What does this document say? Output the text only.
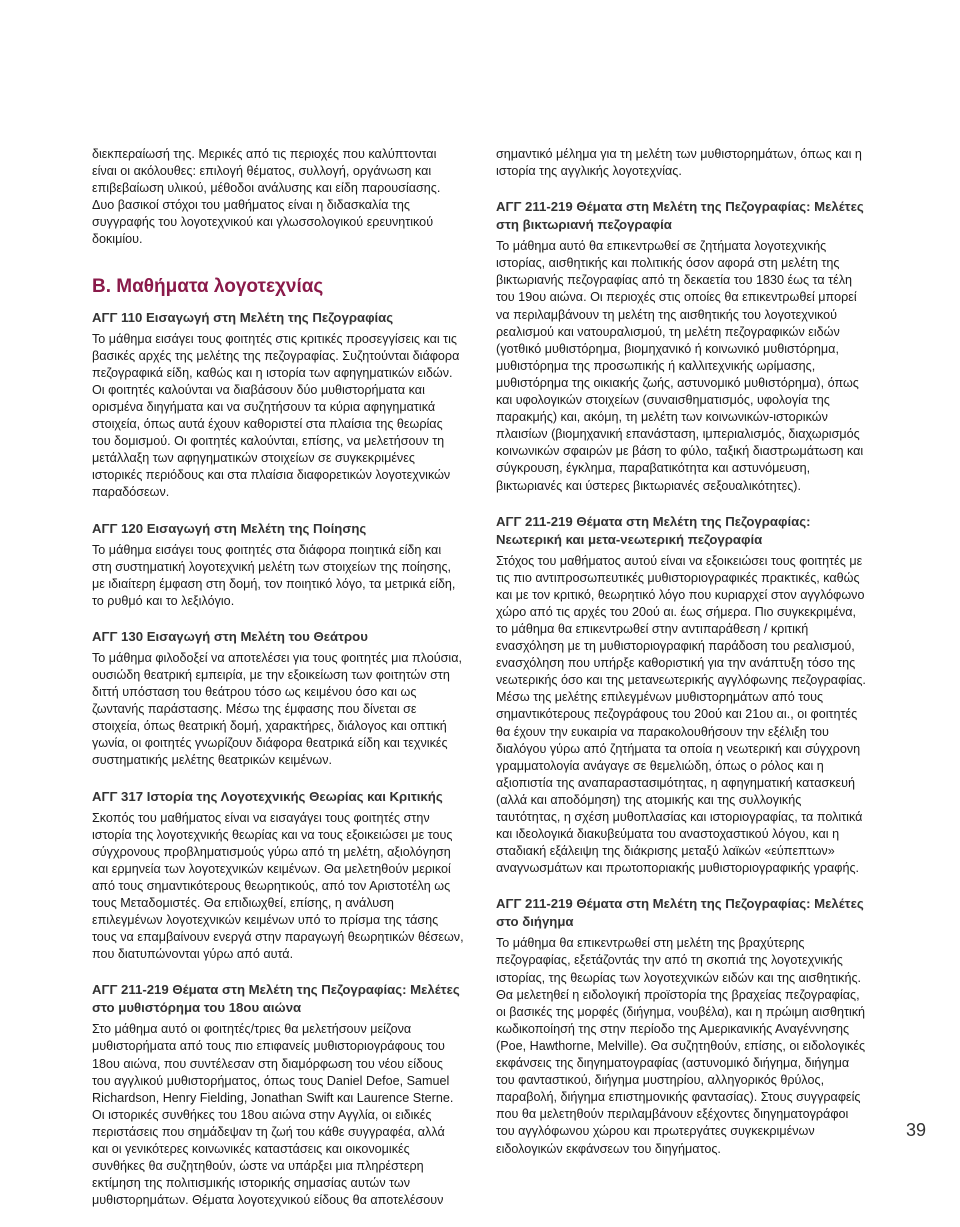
διεκπεραίωσή της. Μερικές από τις περιοχές που καλύπτονται είναι οι ακόλουθες: επιλογή θέματος, συλλογή, οργάνωση και επιβεβαίωση υλικού, μέθοδοι ανάλυσης και είδη παρουσίασης. Δυο βασικοί στόχοι του μαθήματος είναι η διδασκαλία της συγγραφής του λογοτεχνικού και γλωσσολογικού ερευνητικού δοκιμίου.

Β. Μαθήματα λογοτεχνίας
ΑΓΓ 110 Εισαγωγή στη Μελέτη της Πεζογραφίας

Το μάθημα εισάγει τους φοιτητές στις κριτικές προσεγγίσεις και τις βασικές αρχές της μελέτης της πεζογραφίας. Συζητούνται διάφορα πεζογραφικά είδη, καθώς και η ιστορία των αφηγηματικών ειδών. Οι φοιτητές καλούνται να διαβάσουν δύο μυθιστορήματα και ορισμένα διηγήματα και να συζητήσουν τα κύρια αφηγηματικά στοιχεία, όπως αυτά έχουν καθοριστεί στα πλαίσια της θεωρίας του δομισμού. Οι φοιτητές καλούνται, επίσης, να μελετήσουν τη μετάλλαξη των αφηγηματικών στοιχείων σε συγκεκριμένες ιστορικές περιόδους και στα πλαίσια διαφορετικών λογοτεχνικών παραδόσεων.

ΑΓΓ 120 Εισαγωγή στη Μελέτη της Ποίησης

Το μάθημα εισάγει τους φοιτητές στα διάφορα ποιητικά είδη και στη συστηματική λογοτεχνική μελέτη των στοιχείων της ποίησης, με ιδιαίτερη έμφαση στη δομή, τον ποιητικό λόγο, τα μετρικά είδη, το ρυθμό και το λεξιλόγιο.

ΑΓΓ 130 Εισαγωγή στη Μελέτη του Θεάτρου

Το μάθημα φιλοδοξεί να αποτελέσει για τους φοιτητές μια πλούσια, ουσιώδη θεατρική εμπειρία, με την εξοικείωση των φοιτητών στη διττή υπόσταση του θεάτρου τόσο ως κειμένου όσο και ως ζωντανής παράστασης. Μέσω της έμφασης που δίνεται σε στοιχεία, όπως θεατρική δομή, χαρακτήρες, διάλογος και οπτική γωνία, οι φοιτητές γνωρίζουν διάφορα θεατρικά είδη και τεχνικές συστηματικής μελέτης θεατρικών κειμένων.

ΑΓΓ 317 Ιστορία της Λογοτεχνικής Θεωρίας και Κριτικής

Σκοπός του μαθήματος είναι να εισαγάγει τους φοιτητές στην ιστορία της λογοτεχνικής θεωρίας και να τους εξοικειώσει με τους σύγχρονους προβληματισμούς γύρω από τη μελέτη, αξιολόγηση και ερμηνεία των λογοτεχνικών κειμένων. Θα μελετηθούν μερικοί από τους σημαντικότερους θεωρητικούς, από τον Αριστοτέλη ως τους Μεταδομιστές. Θα επιδιωχθεί, επίσης, η ανάλυση επιλεγμένων λογοτεχνικών κειμένων υπό το πρίσμα της τάσης τους να επαμβαίνουν ενεργά στην παραγωγή θεωρητικών θέσεων, που διατυπώνονται γύρω από αυτά.

ΑΓΓ 211-219 Θέματα στη Μελέτη της Πεζογραφίας: Μελέτες στο μυθιστόρημα του 18ου αιώνα

Στο μάθημα αυτό οι φοιτητές/τριες θα μελετήσουν μείζονα μυθιστορήματα από τους πιο επιφανείς μυθιστοριογράφους του 18ου αιώνα, που συντέλεσαν στη διαμόρφωση του νέου είδους του αγγλικού μυθιστορήματος, όπως τους Daniel Defoe, Samuel Richardson, Henry Fielding, Jonathan Swift και Laurence Sterne. Οι ιστορικές συνθήκες του 18ου αιώνα στην Αγγλία, οι ειδικές περιστάσεις που σημάδεψαν τη ζωή του κάθε συγγραφέα, αλλά και οι γενικότερες κοινωνικές καταστάσεις και οικονομικές συνθήκες θα συζητηθούν, ώστε να υπάρξει μια πληρέστερη εκτίμηση της πολιτισμικής ιστορικής σημασίας αυτών των μυθιστορημάτων. Θέματα λογοτεχνικού είδους θα αποτελέσουν

σημαντικό μέλημα για τη μελέτη των μυθιστορημάτων, όπως και η ιστορία της αγγλικής λογοτεχνίας.

ΑΓΓ 211-219 Θέματα στη Μελέτη της Πεζογραφίας: Μελέτες στη βικτωριανή πεζογραφία

Το μάθημα αυτό θα επικεντρωθεί σε ζητήματα λογοτεχνικής ιστορίας, αισθητικής και πολιτικής όσον αφορά στη μελέτη της βικτωριανής πεζογραφίας από τη δεκαετία του 1830 έως τα τέλη του 19ου αιώνα. Οι περιοχές στις οποίες θα επικεντρωθεί μπορεί να περιλαμβάνουν τη μελέτη της αισθητικής του λογοτεχνικού ρεαλισμού και νατουραλισμού, τη μελέτη πεζογραφικών ειδών (γοτθικό μυθιστόρημα, βιομηχανικό ή κοινωνικό μυθιστόρημα, μυθιστόρημα της προσωπικής ή καλλιτεχνικής ωρίμασης, μυθιστόρημα της οικιακής ζωής, αστυνομικό μυθιστόρημα), όπως και υφολογικών στοιχείων (συναισθηματισμός, υφολογία της παρακμής) και, ακόμη, τη μελέτη των κοινωνικών-ιστορικών πλαισίων (βιομηχανική επανάσταση, ιμπεριαλισμός, διαχωρισμός κοινωνικών σφαιρών με βάση το φύλο, ταξική διαστρωμάτωση και σύγκρουση, έγκλημα, παραβατικότητα και αστυνόμευση, βικτωριανές και ύστερες βικτωριανές σεξουαλικότητες).

ΑΓΓ 211-219 Θέματα στη Μελέτη της Πεζογραφίας: Νεωτερική και μετα-νεωτερική πεζογραφία

Στόχος του μαθήματος αυτού είναι να εξοικειώσει τους φοιτητές με τις πιο αντιπροσωπευτικές μυθιστοριογραφικές πρακτικές, καθώς και με τον κριτικό, θεωρητικό λόγο που κυριαρχεί στον αγγλόφωνο χώρο από τις αρχές του 20ού αι. έως σήμερα. Πιο συγκεκριμένα, το μάθημα θα επικεντρωθεί στην αντιπαράθεση / κριτική ενασχόληση με τη μυθιστοριογραφική παράδοση του ρεαλισμού, ενασχόληση που υπήρξε καθοριστική για την ανάπτυξη τόσο της νεωτερικής όσο και της μετανεωτερικής αγγλόφωνης πεζογραφίας. Μέσω της μελέτης επιλεγμένων μυθιστορημάτων από τους σημαντικότερους πεζογράφους του 20ού και 21ου αι., οι φοιτητές θα έχουν την ευκαιρία να παρακολουθήσουν την εξέλιξη του διαλόγου γύρω από ζητήματα τα οποία η νεωτερική και σύγχρονη γραμματολογία ανάγαγε σε θεμελιώδη, όπως ο ρόλος και η αξιοπιστία της αναπαραστασιμότητας, η αφηγηματική κατασκευή (αλλά και αποδόμηση) της ατομικής και της συλλογικής ταυτότητας, η σχέση μυθοπλασίας και ιστοριογραφίας, τα πολιτικά και ιδεολογικά διακυβεύματα του αναστοχαστικού λόγου, και η σταδιακή εξάλειψη της διάκρισης μεταξύ λαϊκών «εύπεπτων» αναγνωσμάτων και πρωτοποριακής μυθιστοριογραφικής γραφής.

ΑΓΓ 211-219 Θέματα στη Μελέτη της Πεζογραφίας: Μελέτες στο διήγημα

Το μάθημα θα επικεντρωθεί στη μελέτη της βραχύτερης πεζογραφίας, εξετάζοντάς την από τη σκοπιά της λογοτεχνικής ιστορίας, της θεωρίας των λογοτεχνικών ειδών και της αισθητικής. Θα μελετηθεί η ειδολογική προϊστορία της βραχείας πεζογραφίας, οι βασικές της μορφές (διήγημα, νουβέλα), και η πρώιμη αισθητική κωδικοποίησή της στην περίοδο της Αμερικανικής Αναγέννησης (Poe, Hawthorne, Melville). Θα συζητηθούν, επίσης, οι ειδολογικές εκφάνσεις της διηγηματογραφίας (αστυνομικό διήγημα, διήγημα του φανταστικού, διήγημα μυστηρίου, αλληγορικός θρύλος, παραβολή, διήγημα επιστημονικής φαντασίας). Στους συγγραφείς που θα μελετηθούν περιλαμβάνουν εξέχοντες διηγηματογράφοι του αγγλόφωνου χώρου και πρωτεργάτες συγκεκριμένων ειδολογικών εκφάνσεων του διηγήματος.

39
